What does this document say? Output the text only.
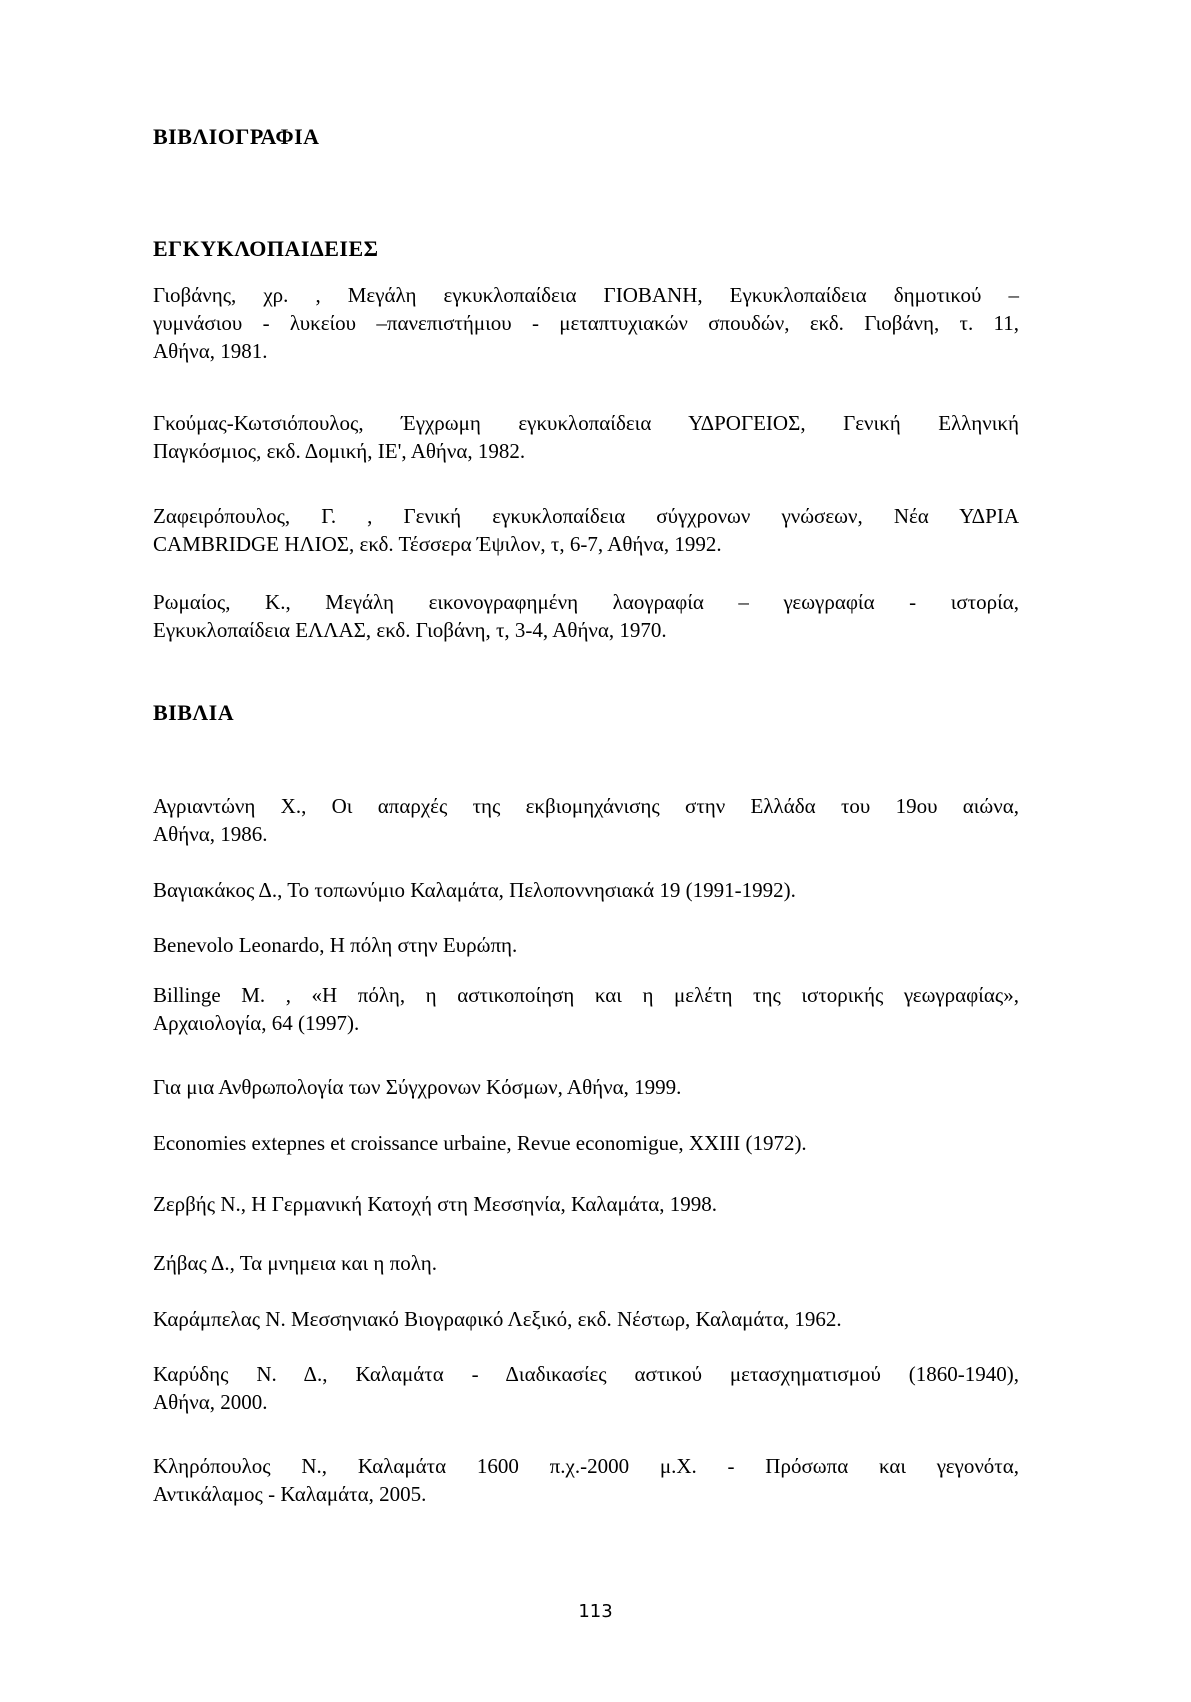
ΒΙΒΛΙΟΓΡΑΦΙΑ
ΕΓΚΥΚΛΟΠΑΙΔΕΙΕΣ
Γιοβάνης, χρ. , Μεγάλη εγκυκλοπαίδεια ΓΙΟΒΑΝΗ, Εγκυκλοπαίδεια δημοτικού –
γυμνάσιου - λυκείου –πανεπιστήμιου - μεταπτυχιακών σπουδών, εκδ. Γιοβάνη, τ. 11,
Αθήνα, 1981.
Γκούμας-Κωτσιόπουλος, Έγχρωμη εγκυκλοπαίδεια ΥΔΡΟΓΕΙΟΣ, Γενική Ελληνική
Παγκόσμιος, εκδ. Δομική, ΙΕ', Αθήνα, 1982.
Ζαφειρόπουλος, Γ. , Γενική εγκυκλοπαίδεια σύγχρονων γνώσεων, Νέα ΥΔΡΙΑ
CAMBRIDGE ΗΛΙΟΣ, εκδ. Τέσσερα Έψιλον, τ, 6-7, Αθήνα, 1992.
Ρωμαίος, Κ., Μεγάλη εικονογραφημένη λαογραφία – γεωγραφία - ιστορία,
Εγκυκλοπαίδεια ΕΛΛΑΣ, εκδ. Γιοβάνη, τ, 3-4, Αθήνα, 1970.
ΒΙΒΛΙΑ
Αγριαντώνη Χ., Οι απαρχές της εκβιομηχάνισης στην Ελλάδα του 19ου αιώνα,
Αθήνα, 1986.
Βαγιακάκος Δ., Το τοπωνύμιο Καλαμάτα, Πελοποννησιακά 19 (1991-1992).
Benevolo Leonardo, Η πόλη στην Ευρώπη.
Billinge M. , «Η πόλη, η αστικοποίηση και η μελέτη της ιστορικής γεωγραφίας»,
Αρχαιολογία, 64 (1997).
Για μια Ανθρωπολογία των Σύγχρονων Κόσμων, Αθήνα, 1999.
Economies extepnes et croissance urbaine, Revue economigue, XXIII (1972).
Ζερβής Ν., Η Γερμανική Κατοχή στη Μεσσηνία, Καλαμάτα, 1998.
Ζήβας Δ., Τα μνημεια και η πολη.
Καράμπελας Ν. Μεσσηνιακό Βιογραφικό Λεξικό, εκδ. Νέστωρ, Καλαμάτα, 1962.
Καρύδης Ν. Δ., Καλαμάτα - Διαδικασίες αστικού μετασχηματισμού (1860-1940),
Αθήνα, 2000.
Κληρόπουλος Ν., Καλαμάτα 1600 π.χ.-2000 μ.Χ. - Πρόσωπα και γεγονότα,
Αντικάλαμος - Καλαμάτα, 2005.
113
